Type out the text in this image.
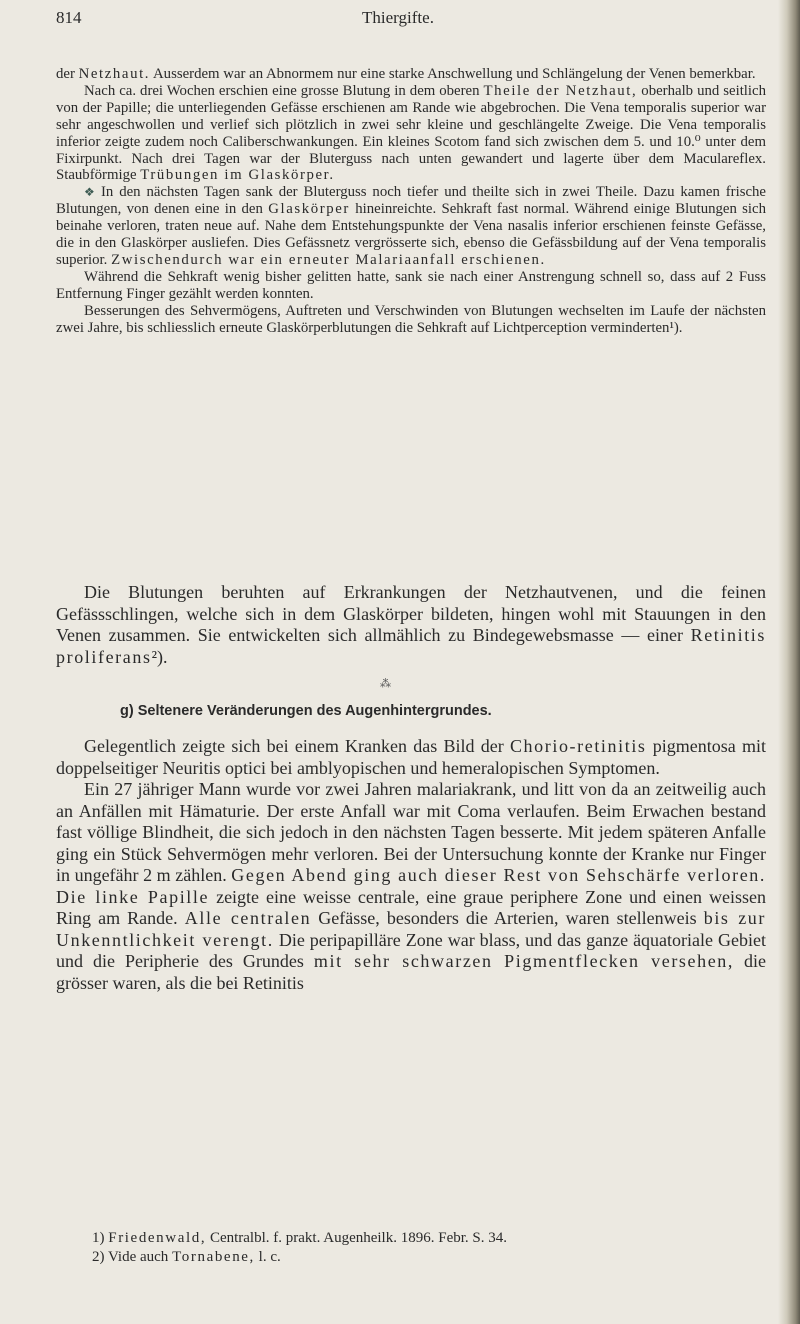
814	Thiergifte.

der Netzhaut. Ausserdem war an Abnormem nur eine starke Anschwellung und Schlängelung der Venen bemerkbar.

Nach ca. drei Wochen erschien eine grosse Blutung in dem oberen Theile der Netzhaut, oberhalb und seitlich von der Papille; die unterliegenden Gefässe erschienen am Rande wie abgebrochen. Die Vena temporalis superior war sehr angeschwollen und verlief sich plötzlich in zwei sehr kleine und geschlängelte Zweige. Die Vena temporalis inferior zeigte zudem noch Caliberschwankungen. Ein kleines Scotom fand sich zwischen dem 5. und 10.⁰ unter dem Fixirpunkt. Nach drei Tagen war der Bluterguss nach unten gewandert und lagerte über dem Maculareflex. Staubförmige Trübungen im Glaskörper.

❖ In den nächsten Tagen sank der Bluterguss noch tiefer und theilte sich in zwei Theile. Dazu kamen frische Blutungen, von denen eine in den Glaskörper hineinreichte. Sehkraft fast normal. Während einige Blutungen sich beinahe verloren, traten neue auf. Nahe dem Entstehungspunkte der Vena nasalis inferior erschienen feinste Gefässe, die in den Glaskörper ausliefen. Dies Gefässnetz vergrösserte sich, ebenso die Gefässbildung auf der Vena temporalis superior. Zwischendurch war ein erneuter Malariaanfall erschienen.

Während die Sehkraft wenig bisher gelitten hatte, sank sie nach einer Anstrengung schnell so, dass auf 2 Fuss Entfernung Finger gezählt werden konnten.

Besserungen des Sehvermögens, Auftreten und Verschwinden von Blutungen wechselten im Laufe der nächsten zwei Jahre, bis schliesslich erneute Glaskörperblutungen die Sehkraft auf Lichtperception verminderten¹).

Die Blutungen beruhten auf Erkrankungen der Netzhautvenen, und die feinen Gefässschlingen, welche sich in dem Glaskörper bildeten, hingen wohl mit Stauungen in den Venen zusammen. Sie entwickelten sich allmählich zu Bindegewebsmasse — einer Retinitis proliferans²).

⁂
g) Seltenere Veränderungen des Augenhintergrundes.

Gelegentlich zeigte sich bei einem Kranken das Bild der Chorio-retinitis pigmentosa mit doppelseitiger Neuritis optici bei amblyopischen und hemeralopischen Symptomen.

Ein 27 jähriger Mann wurde vor zwei Jahren malariakrank, und litt von da an zeitweilig auch an Anfällen mit Hämaturie. Der erste Anfall war mit Coma verlaufen. Beim Erwachen bestand fast völlige Blindheit, die sich jedoch in den nächsten Tagen besserte. Mit jedem späteren Anfalle ging ein Stück Sehvermögen mehr verloren. Bei der Untersuchung konnte der Kranke nur Finger in ungefähr 2 m zählen. Gegen Abend ging auch dieser Rest von Sehschärfe verloren. Die linke Papille zeigte eine weisse centrale, eine graue periphere Zone und einen weissen Ring am Rande. Alle centralen Gefässe, besonders die Arterien, waren stellenweis bis zur Unkenntlichkeit verengt. Die peripapilläre Zone war blass, und das ganze äquatoriale Gebiet und die Peripherie des Grundes mit sehr schwarzen Pigmentflecken versehen, die grösser waren, als die bei Retinitis

1) Friedenwald, Centralbl. f. prakt. Augenheilk. 1896. Febr. S. 34.
2) Vide auch Tornabene, l. c.
